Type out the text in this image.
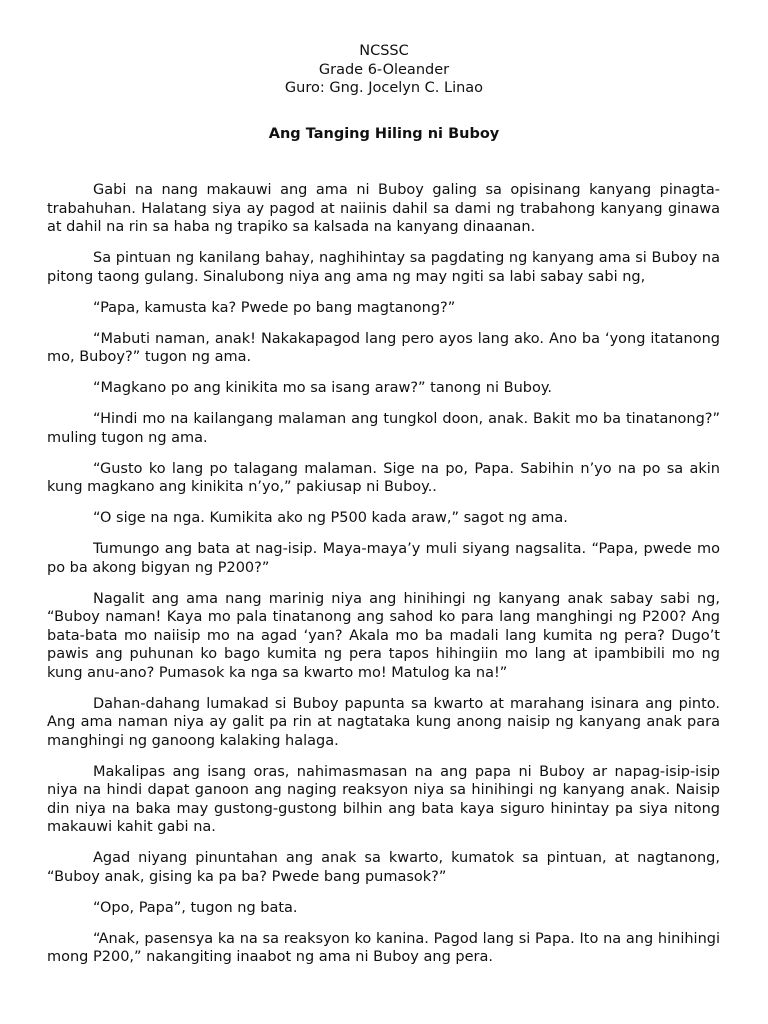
NCSSC
Grade 6-Oleander
Guro: Gng. Jocelyn C. Linao
Ang Tanging Hiling ni Buboy

Gabi na nang makauwi ang ama ni Buboy galing sa opisinang kanyang pinagta-trabahuhan. Halatang siya ay pagod at naiinis dahil sa dami ng trabahong kanyang ginawa at dahil na rin sa haba ng trapiko sa kalsada na kanyang dinaanan.

Sa pintuan ng kanilang bahay, naghihintay sa pagdating ng kanyang ama si Buboy na pitong taong gulang. Sinalubong niya ang ama ng may ngiti sa labi sabay sabi ng,

“Papa, kamusta ka? Pwede po bang magtanong?”

“Mabuti naman, anak! Nakakapagod lang pero ayos lang ako. Ano ba ‘yong itatanong mo, Buboy?” tugon ng ama.

“Magkano po ang kinikita mo sa isang araw?” tanong ni Buboy.

“Hindi mo na kailangang malaman ang tungkol doon, anak. Bakit mo ba tinatanong?” muling tugon ng ama.

“Gusto ko lang po talagang malaman. Sige na po, Papa. Sabihin n’yo na po sa akin kung magkano ang kinikita n’yo,” pakiusap ni Buboy..

“O sige na nga. Kumikita ako ng P500 kada araw,” sagot ng ama.

Tumungo ang bata at nag-isip. Maya-maya’y muli siyang nagsalita. “Papa, pwede mo po ba akong bigyan ng P200?”

Nagalit ang ama nang marinig niya ang hinihingi ng kanyang anak sabay sabi ng, “Buboy naman! Kaya mo pala tinatanong ang sahod ko para lang manghingi ng P200? Ang bata-bata mo naiisip mo na agad ‘yan? Akala mo ba madali lang kumita ng pera? Dugo’t pawis ang puhunan ko bago kumita ng pera tapos hihingiin mo lang at ipambibili mo ng kung anu-ano? Pumasok ka nga sa kwarto mo! Matulog ka na!”

Dahan-dahang lumakad si Buboy papunta sa kwarto at marahang isinara ang pinto. Ang ama naman niya ay galit pa rin at nagtataka kung anong naisip ng kanyang anak para manghingi ng ganoong kalaking halaga.

Makalipas ang isang oras, nahimasmasan na ang papa ni Buboy ar napag-isip-isip niya na hindi dapat ganoon ang naging reaksyon niya sa hinihingi ng kanyang anak. Naisip din niya na baka may gustong-gustong bilhin ang bata kaya siguro hinintay pa siya nitong makauwi kahit gabi na.

Agad niyang pinuntahan ang anak sa kwarto, kumatok sa pintuan, at nagtanong, “Buboy anak, gising ka pa ba? Pwede bang pumasok?”

“Opo, Papa”, tugon ng bata.

“Anak, pasensya ka na sa reaksyon ko kanina. Pagod lang si Papa. Ito na ang hinihingi mong P200,” nakangiting inaabot ng ama ni Buboy ang pera.
